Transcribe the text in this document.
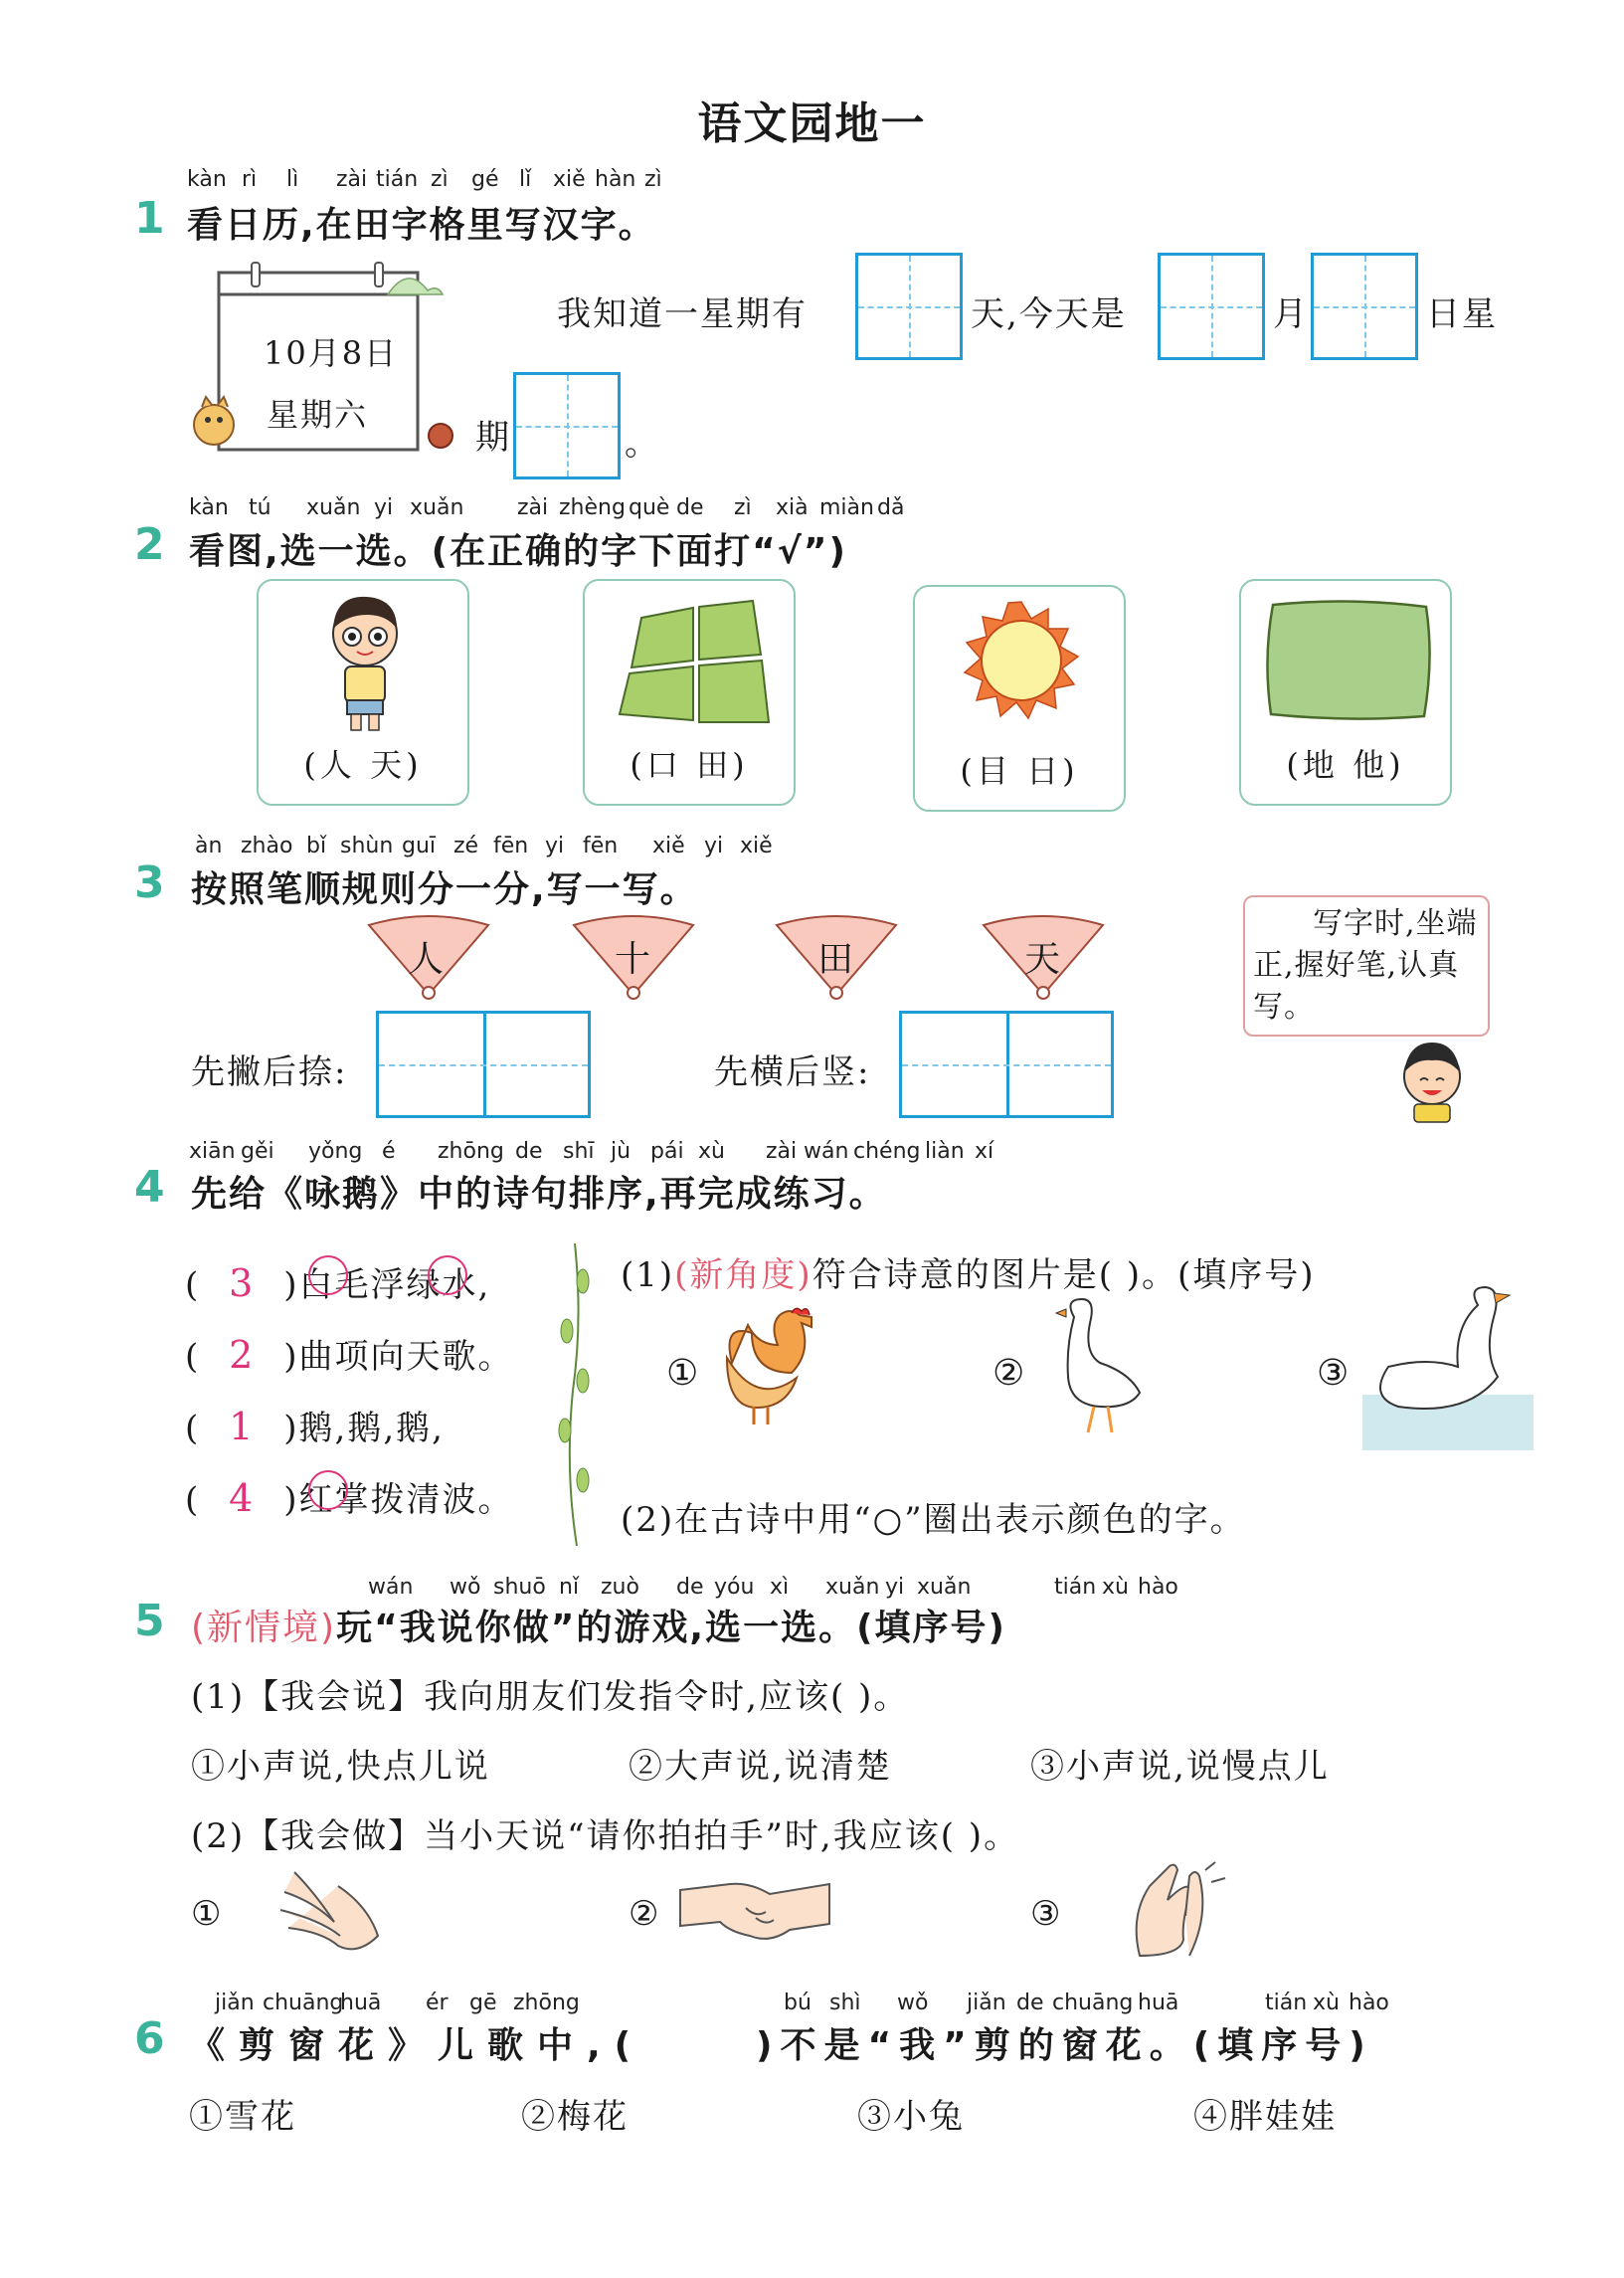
语文园地一
kàn rì lì zài tián zì gé lǐ xiě hàn zì
1 看日历,在田字格里写汉字。
10月8日
星期六
我知道一星期有	天,今天是	月	日星
期	。
kàn tú xuǎn yi xuǎn zài zhèng què de zì xià miàn dǎ
2 看图,选一选。(在正确的字下面打“√”)
(人 天)	(口 田)	(目 日)	(地 他)
àn zhào bǐ shùn guī zé fēn yi fēn xiě yi xiě
3 按照笔顺规则分一分,写一写。
人	十	田	天
先撇后捺:	先横后竖:
写字时,坐端正,握好笔,认真写。
xiān gěi yǒng é zhōng de shī jù pái xù zài wán chéng liàn xí
4 先给《咏鹅》中的诗句排序,再完成练习。
( 3 )白毛浮绿水,
( 2 )曲项向天歌。
( 1 )鹅,鹅,鹅,
( 4 )红掌拨清波。
(1)(新角度)符合诗意的图片是( )。(填序号)
①	②	③
(2)在古诗中用“○”圈出表示颜色的字。
wán wǒ shuō nǐ zuò de yóu xì xuǎn yi xuǎn	tián xù hào
5 (新情境)玩“我说你做”的游戏,选一选。(填序号)
(1)【我会说】我向朋友们发指令时,应该( )。
①小声说,快点儿说	②大声说,说清楚	③小声说,说慢点儿
(2)【我会做】当小天说“请你拍拍手”时,我应该( )。
①	②	③
jiǎn chuāng
huā ér gē zhōng	bú shì wǒ jiǎn de chuāng huā	tián xù hào
6 《剪窗花》儿歌中,(	)不是“我”剪的窗花。(填序号)
①雪花	②梅花	③小兔	④胖娃娃
